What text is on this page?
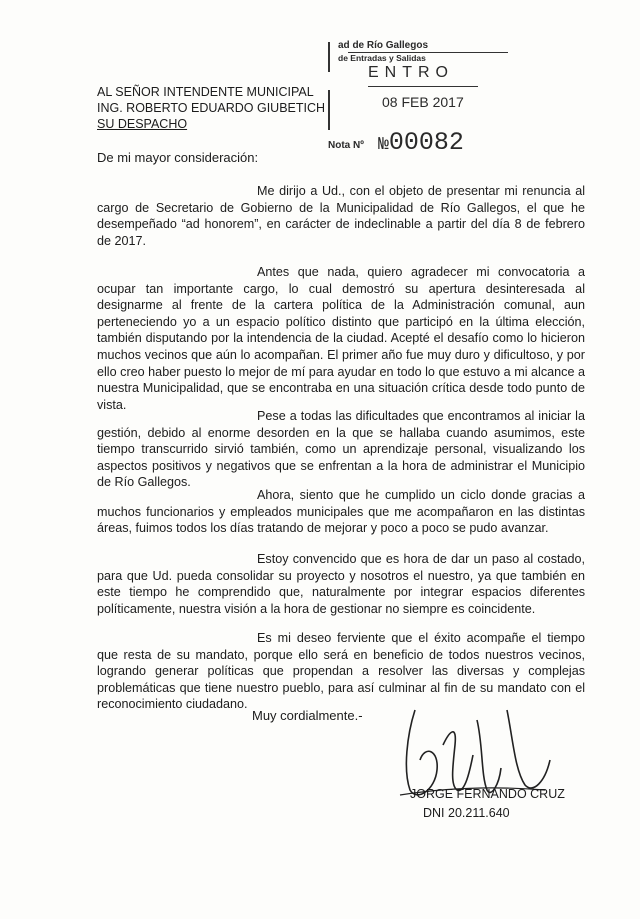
AL SEÑOR INTENDENTE MUNICIPAL
ING. ROBERTO EDUARDO GIUBETICH
SU DESPACHO
ad de Río Gallegos
de Entradas y Salidas
ENTRO
08 FEB 2017
Nota Nº №00082
De mi mayor consideración:
Me dirijo a Ud., con el objeto de presentar mi renuncia al cargo de Secretario de Gobierno de la Municipalidad de Río Gallegos, el que he desempeñado “ad honorem”, en carácter de indeclinable a partir del día 8 de febrero de 2017.
Antes que nada, quiero agradecer mi convocatoria a ocupar tan importante cargo, lo cual demostró su apertura desinteresada al designarme al frente de la cartera política de la Administración comunal, aun perteneciendo yo a un espacio político distinto que participó en la última elección, también disputando por la intendencia de la ciudad. Acepté el desafío como lo hicieron muchos vecinos que aún lo acompañan. El primer año fue muy duro y dificultoso, y por ello creo haber puesto lo mejor de mí para ayudar en todo lo que estuvo a mi alcance a nuestra Municipalidad, que se encontraba en una situación crítica desde todo punto de vista.
Pese a todas las dificultades que encontramos al iniciar la gestión, debido al enorme desorden en la que se hallaba cuando asumimos, este tiempo transcurrido sirvió también, como un aprendizaje personal, visualizando los aspectos positivos y negativos que se enfrentan a la hora de administrar el Municipio de Río Gallegos.
Ahora, siento que he cumplido un ciclo donde gracias a muchos funcionarios y empleados municipales que me acompañaron en las distintas áreas, fuimos todos los días tratando de mejorar y poco a poco se pudo avanzar.
Estoy convencido que es hora de dar un paso al costado, para que Ud. pueda consolidar su proyecto y nosotros el nuestro, ya que también en este tiempo he comprendido que, naturalmente por integrar espacios diferentes políticamente, nuestra visión a la hora de gestionar no siempre es coincidente.
Es mi deseo ferviente que el éxito acompañe el tiempo que resta de su mandato, porque ello será en beneficio de todos nuestros vecinos, logrando generar políticas que propendan a resolver las diversas y complejas problemáticas que tiene nuestro pueblo, para así culminar al fin de su mandato con el reconocimiento ciudadano.
Muy cordialmente.-
JORGE FERNANDO CRUZ
DNI 20.211.640
